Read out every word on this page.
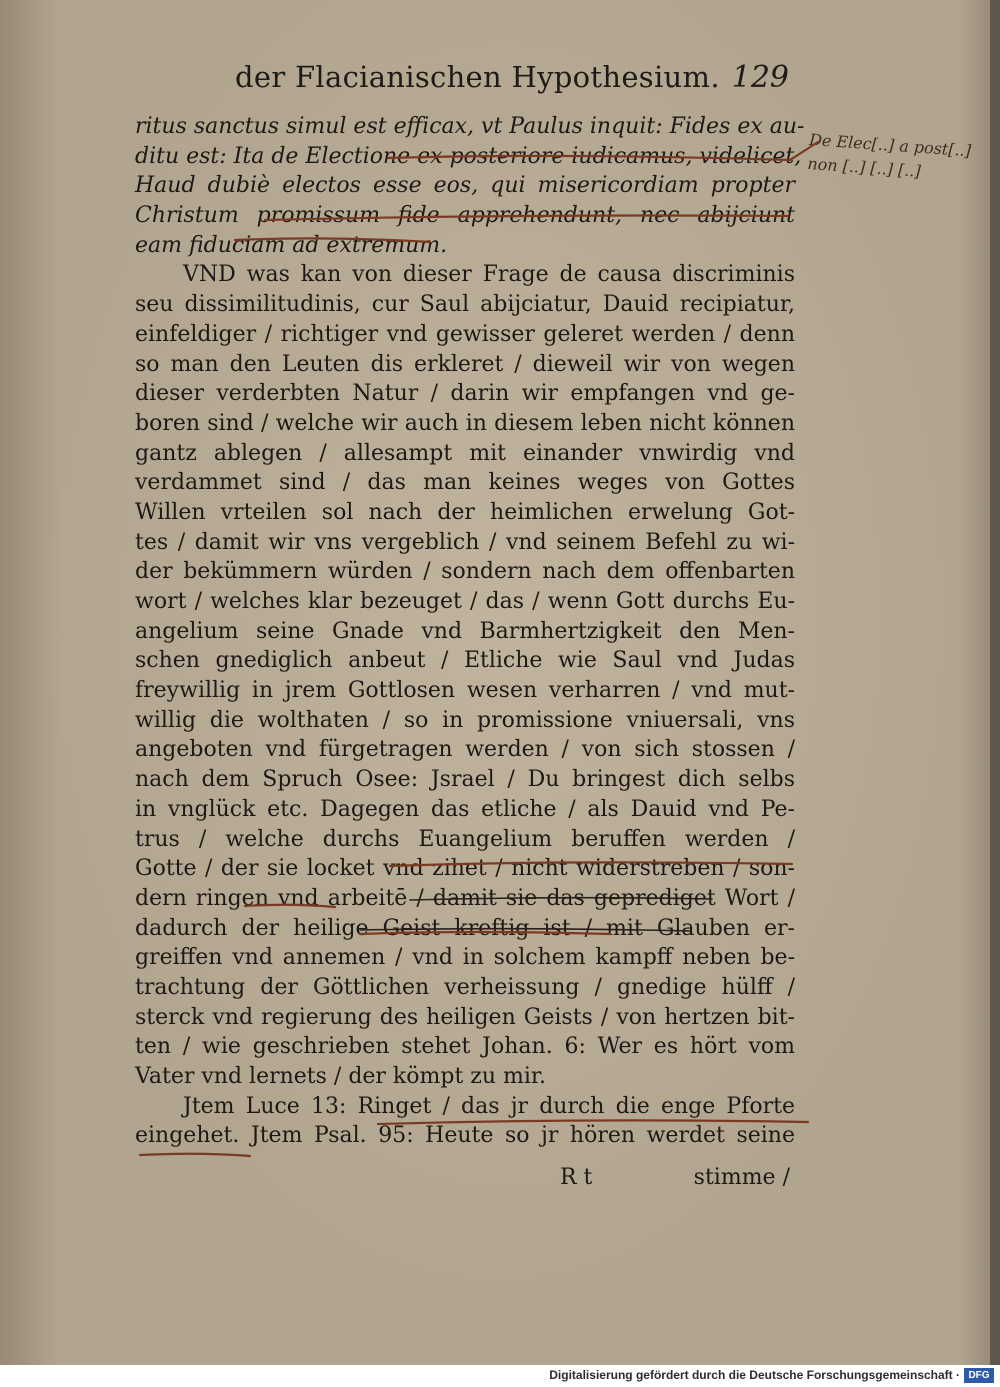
der Flacianischen Hypothesium. 129
ritus sanctus simul est efficax, vt Paulus inquit: Fides ex au-
ditu est: Ita de Electione ex posteriore iudicamus, videlicet,
Haud dubiè electos esse eos, qui misericordiam propter
Christum promissum fide apprehendunt, nec abijciunt
eam fiduciam ad extremum.
VND was kan von dieser Frage de causa discriminis
seu dissimilitudinis, cur Saul abijciatur, Dauid recipiatur,
einfeldiger / richtiger vnd gewisser geleret werden / denn
so man den Leuten dis erkleret / dieweil wir von wegen
dieser verderbten Natur / darin wir empfangen vnd ge-
boren sind / welche wir auch in diesem leben nicht können
gantz ablegen / allesampt mit einander vnwirdig vnd
verdammet sind / das man keines weges von Gottes
Willen vrteilen sol nach der heimlichen erwelung Got-
tes / damit wir vns vergeblich / vnd seinem Befehl zu wi-
der bekümmern würden / sondern nach dem offenbarten
wort / welches klar bezeuget / das / wenn Gott durchs Eu-
angelium seine Gnade vnd Barmhertzigkeit den Men-
schen gnediglich anbeut / Etliche wie Saul vnd Judas
freywillig in jrem Gottlosen wesen verharren / vnd mut-
willig die wolthaten / so in promissione vniuersali, vns
angeboten vnd fürgetragen werden / von sich stossen /
nach dem Spruch Osee: Jsrael / Du bringest dich selbs
in vnglück etc. Dagegen das etliche / als Dauid vnd Pe-
trus / welche durchs Euangelium beruffen werden /
Gotte / der sie locket vnd zihet / nicht widerstreben / son-
dern ringen vnd arbeitē / damit sie das geprediget Wort /
dadurch der heilige Geist kreftig ist / mit Glauben er-
greiffen vnd annemen / vnd in solchem kampff neben be-
trachtung der Göttlichen verheissung / gnedige hülff /
sterck vnd regierung des heiligen Geists / von hertzen bit-
ten / wie geschrieben stehet Johan. 6: Wer es hört vom
Vater vnd lernets / der kömpt zu mir.
Jtem Luce 13: Ringet / das jr durch die enge Pforte
eingehet. Jtem Psal. 95: Heute so jr hören werdet seine
R t	stimme /
De Elec[..] a post[..]
non [..] [..] [..]
Digitalisierung gefördert durch die Deutsche Forschungsgemeinschaft · DFG
